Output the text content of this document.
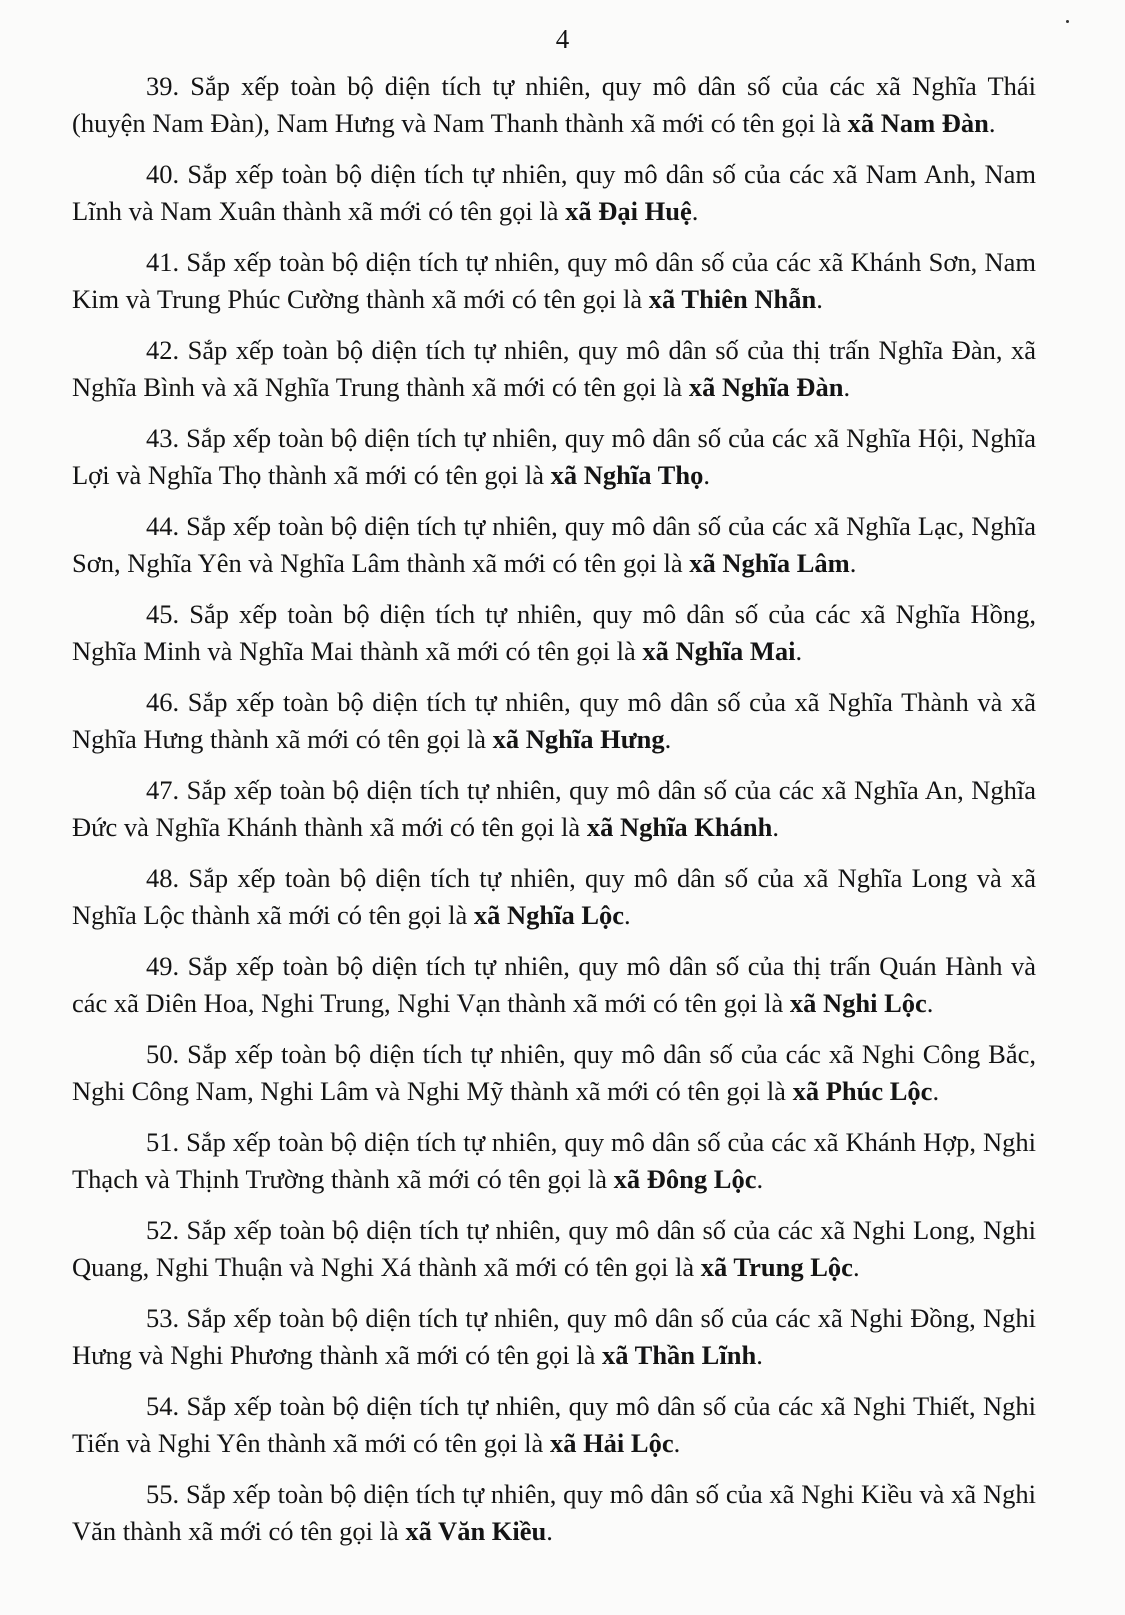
4

39. Sắp xếp toàn bộ diện tích tự nhiên, quy mô dân số của các xã Nghĩa Thái (huyện Nam Đàn), Nam Hưng và Nam Thanh thành xã mới có tên gọi là xã Nam Đàn.

40. Sắp xếp toàn bộ diện tích tự nhiên, quy mô dân số của các xã Nam Anh, Nam Lĩnh và Nam Xuân thành xã mới có tên gọi là xã Đại Huệ.

41. Sắp xếp toàn bộ diện tích tự nhiên, quy mô dân số của các xã Khánh Sơn, Nam Kim và Trung Phúc Cường thành xã mới có tên gọi là xã Thiên Nhẫn.

42. Sắp xếp toàn bộ diện tích tự nhiên, quy mô dân số của thị trấn Nghĩa Đàn, xã Nghĩa Bình và xã Nghĩa Trung thành xã mới có tên gọi là xã Nghĩa Đàn.

43. Sắp xếp toàn bộ diện tích tự nhiên, quy mô dân số của các xã Nghĩa Hội, Nghĩa Lợi và Nghĩa Thọ thành xã mới có tên gọi là xã Nghĩa Thọ.

44. Sắp xếp toàn bộ diện tích tự nhiên, quy mô dân số của các xã Nghĩa Lạc, Nghĩa Sơn, Nghĩa Yên và Nghĩa Lâm thành xã mới có tên gọi là xã Nghĩa Lâm.

45. Sắp xếp toàn bộ diện tích tự nhiên, quy mô dân số của các xã Nghĩa Hồng, Nghĩa Minh và Nghĩa Mai thành xã mới có tên gọi là xã Nghĩa Mai.

46. Sắp xếp toàn bộ diện tích tự nhiên, quy mô dân số của xã Nghĩa Thành và xã Nghĩa Hưng thành xã mới có tên gọi là xã Nghĩa Hưng.

47. Sắp xếp toàn bộ diện tích tự nhiên, quy mô dân số của các xã Nghĩa An, Nghĩa Đức và Nghĩa Khánh thành xã mới có tên gọi là xã Nghĩa Khánh.

48. Sắp xếp toàn bộ diện tích tự nhiên, quy mô dân số của xã Nghĩa Long và xã Nghĩa Lộc thành xã mới có tên gọi là xã Nghĩa Lộc.

49. Sắp xếp toàn bộ diện tích tự nhiên, quy mô dân số của thị trấn Quán Hành và các xã Diên Hoa, Nghi Trung, Nghi Vạn thành xã mới có tên gọi là xã Nghi Lộc.

50. Sắp xếp toàn bộ diện tích tự nhiên, quy mô dân số của các xã Nghi Công Bắc, Nghi Công Nam, Nghi Lâm và Nghi Mỹ thành xã mới có tên gọi là xã Phúc Lộc.

51. Sắp xếp toàn bộ diện tích tự nhiên, quy mô dân số của các xã Khánh Hợp, Nghi Thạch và Thịnh Trường thành xã mới có tên gọi là xã Đông Lộc.

52. Sắp xếp toàn bộ diện tích tự nhiên, quy mô dân số của các xã Nghi Long, Nghi Quang, Nghi Thuận và Nghi Xá thành xã mới có tên gọi là xã Trung Lộc.

53. Sắp xếp toàn bộ diện tích tự nhiên, quy mô dân số của các xã Nghi Đồng, Nghi Hưng và Nghi Phương thành xã mới có tên gọi là xã Thần Lĩnh.

54. Sắp xếp toàn bộ diện tích tự nhiên, quy mô dân số của các xã Nghi Thiết, Nghi Tiến và Nghi Yên thành xã mới có tên gọi là xã Hải Lộc.

55. Sắp xếp toàn bộ diện tích tự nhiên, quy mô dân số của xã Nghi Kiều và xã Nghi Văn thành xã mới có tên gọi là xã Văn Kiều.
